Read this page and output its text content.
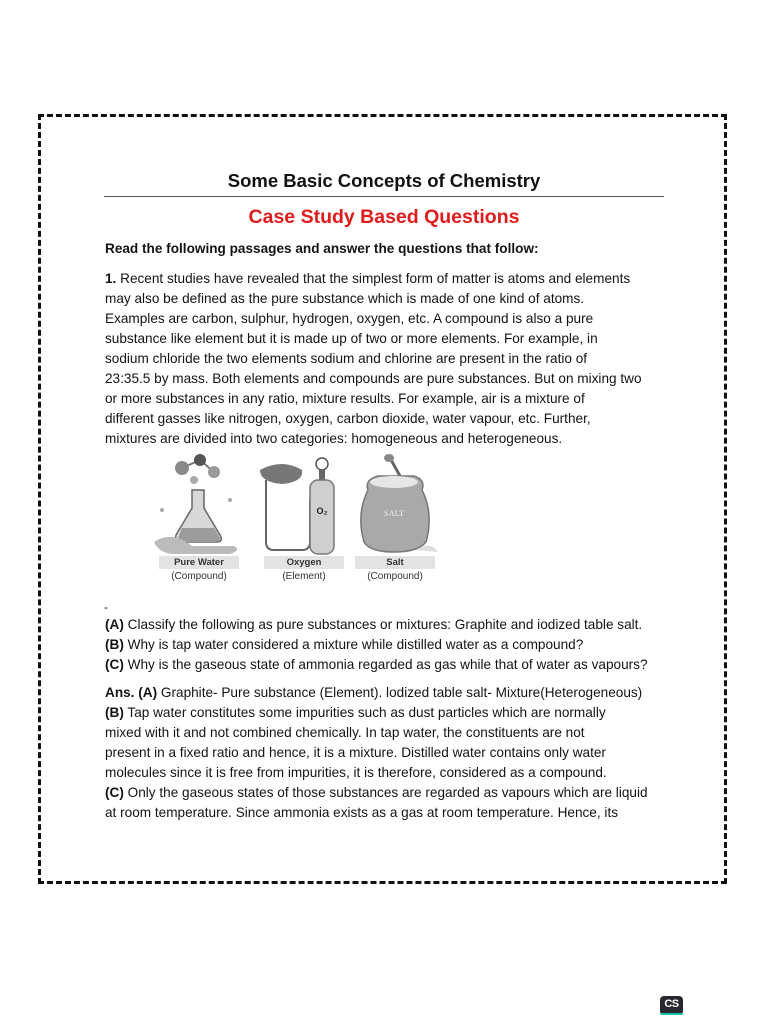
Some Basic Concepts of Chemistry
Case Study Based Questions
Read the following passages and answer the questions that follow:
1. Recent studies have revealed that the simplest form of matter is atoms and elements
may also be defined as the pure substance which is made of one kind of atoms.
Examples are carbon, sulphur, hydrogen, oxygen, etc. A compound is also a pure
substance like element but it is made up of two or more elements. For example, in
sodium chloride the two elements sodium and chlorine are present in the ratio of
23:35.5 by mass. Both elements and compounds are pure substances. But on mixing two
or more substances in any ratio, mixture results. For example, air is a mixture of
different gasses like nitrogen, oxygen, carbon dioxide, water vapour, etc. Further,
mixtures are divided into two categories: homogeneous and heterogeneous.
O₂	SALT
Pure Water
(Compound)
Oxygen
(Element)
Salt
(Compound)
-
(A) Classify the following as pure substances or mixtures: Graphite and iodized table salt.
(B) Why is tap water considered a mixture while distilled water as a compound?
(C) Why is the gaseous state of ammonia regarded as gas while that of water as vapours?
Ans. (A) Graphite- Pure substance (Element). lodized table salt- Mixture(Heterogeneous)
(B) Tap water constitutes some impurities such as dust particles which are normally
mixed with it and not combined chemically. In tap water, the constituents are not
present in a fixed ratio and hence, it is a mixture. Distilled water contains only water
molecules since it is free from impurities, it is therefore, considered as a compound.
(C) Only the gaseous states of those substances are regarded as vapours which are liquid
at room temperature. Since ammonia exists as a gas at room temperature. Hence, its
CS
